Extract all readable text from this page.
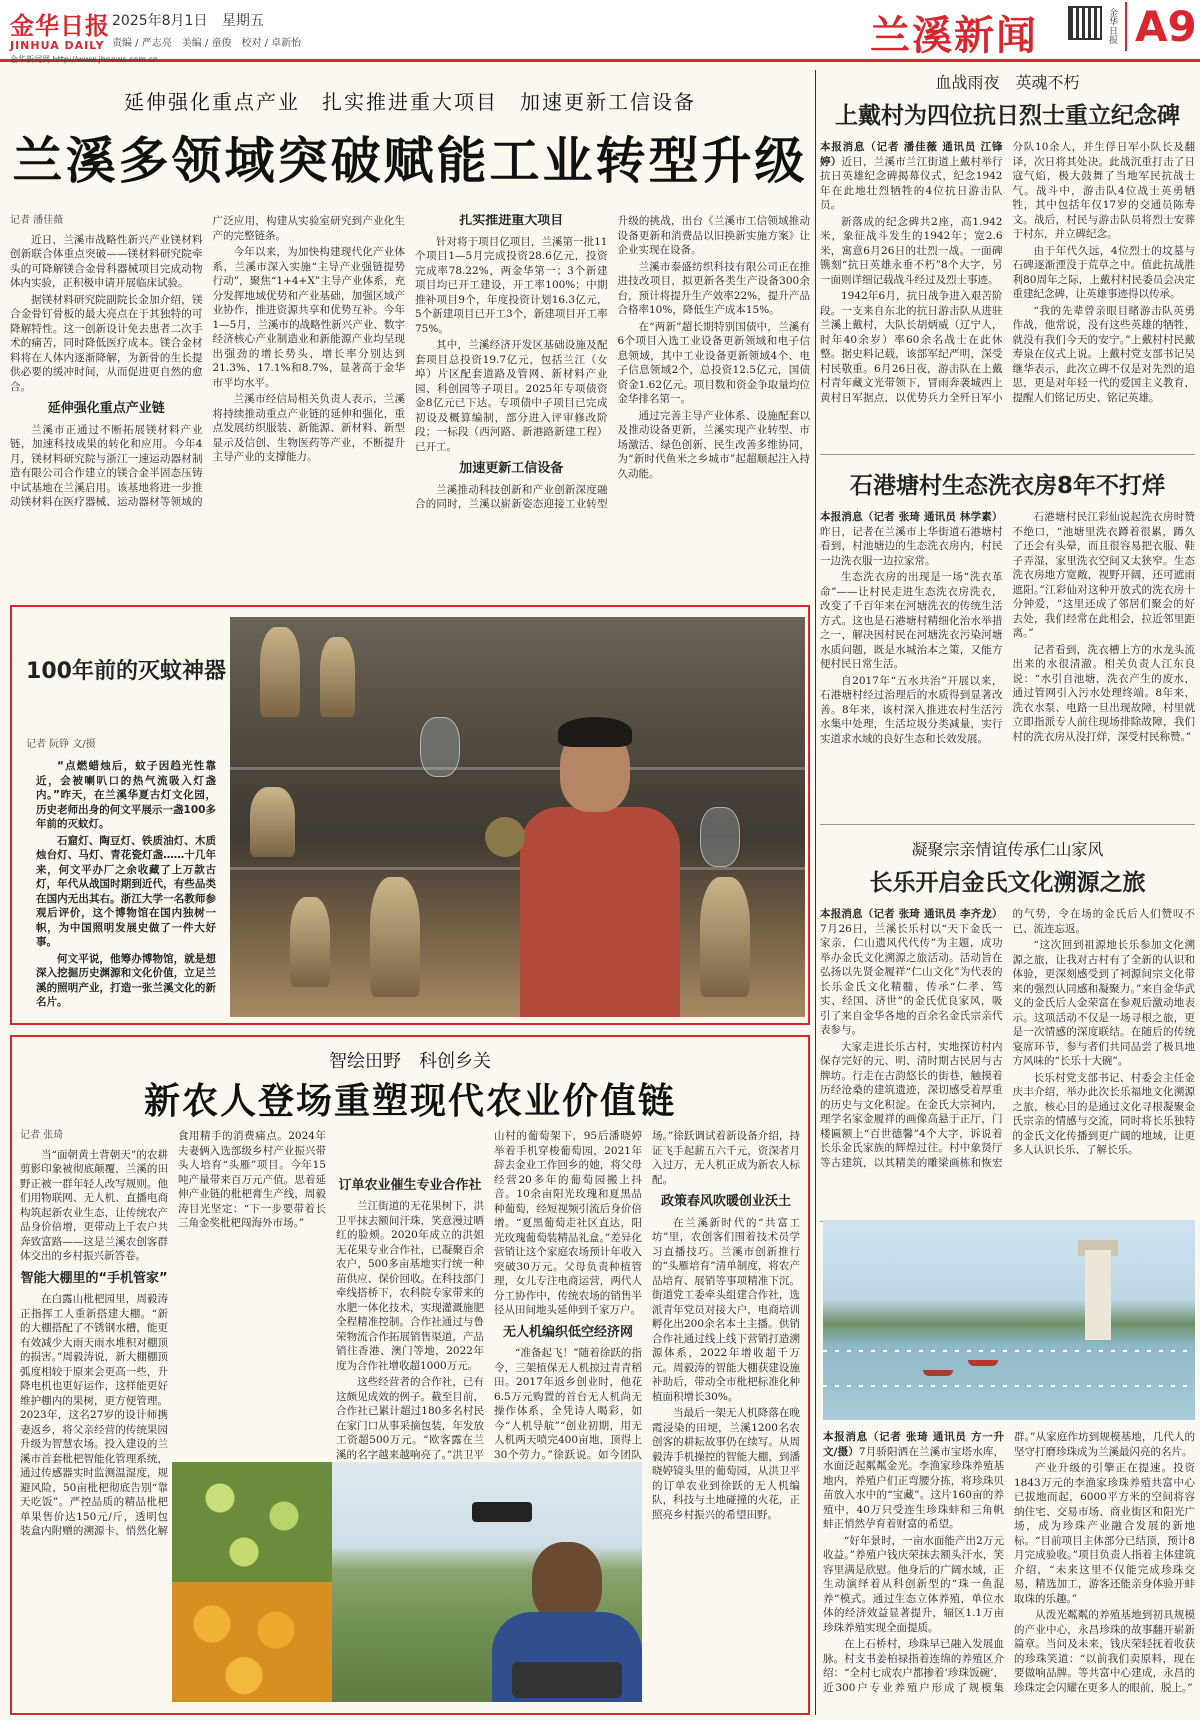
金华日报
JINHUA DAILY
2025年8月1日 星期五
责编 / 严志亮　美编 / 童俊　校对 / 卓新怡
金华新闻网 http://www.jhnews.com.cn
兰溪新闻	金华日报 A9
延伸强化重点产业　扎实推进重大项目　加速更新工信设备
兰溪多领域突破赋能工业转型升级
记者 潘佳薇

近日，兰溪市战略性新兴产业镁材料创新联合体重点突破——镁材料研究院牵头的可降解镁合金骨科器械项目完成动物体内实验，正积极申请开展临床试验。

据镁材料研究院副院长金加介绍，镁合金骨钉骨板的最大亮点在于其独特的可降解特性。这一创新设计免去患者二次手术的痛苦，同时降低医疗成本。镁合金材料将在人体内逐渐降解，为新骨的生长提供必要的缓冲时间，从而促进更自然的愈合。

延伸强化重点产业链

兰溪市正通过不断拓展镁材料产业链，加速科技成果的转化和应用。今年4月，镁材料研究院与浙江一速运动器材制造有限公司合作建立的镁合金半固态压铸中试基地在兰溪启用。该基地将进一步推动镁材料在医疗器械、运动器材等领域的广泛应用，构建从实验室研究到产业化生产的完整链条。

今年以来，为加快构建现代化产业体系，兰溪市深入实施“主导产业强链提势行动”，聚焦“1+4+X”主导产业体系，充分发挥地域优势和产业基础，加强区域产业协作，推进资源共享和优势互补。今年1—5月，兰溪市的战略性新兴产业、数字经济核心产业制造业和新能源产业均呈现出强劲的增长势头，增长率分别达到21.3%、17.1%和8.7%，显著高于金华市平均水平。

兰溪市经信局相关负责人表示，兰溪将持续推动重点产业链的延伸和强化，重点发展纺织服装、新能源、新材料、新型显示及信创、生物医药等产业，不断提升主导产业的支撑能力。

扎实推进重大项目

针对将于项目亿项目，兰溪第一批11个项目1—5月完成投资28.6亿元，投资完成率78.22%，两金华第一；3个新建项目均已开工建设，开工率100%；中期推补项目9个，年度投资计划16.3亿元，5个新建项目已开工3个，新建项目开工率75%。

其中，兰溪经济开发区基础设施及配套项目总投资19.7亿元，包括兰江（女埠）片区配套道路及管网、新材料产业园、科创园等子项目。2025年专项债资金8亿元已下达。专项债中子项目已完成初设及概算编制，部分进入评审修改阶段；一标段（西河路、新港路新建工程）已开工。

加速更新工信设备

兰溪推动科技创新和产业创新深度融合的同时，兰溪以崭新姿态迎接工业转型升级的挑战，出台《兰溪市工信领域推动设备更新和消费品以旧换新实施方案》让企业实现在设备。

兰溪市泰盛纺织科技有限公司正在推进技改项目，拟更新各类生产设备300余台，预计将提升生产效率22%，提升产品合格率10%，降低生产成本15%。

在“两新”超长期特别国债中，兰溪有6个项目入选工业设备更新领域和电子信息领域，其中工业设备更新领域4个、电子信息领域2个，总投资12.5亿元，国债资金1.62亿元。项目数和资金争取量均位金华排名第一。

通过完善主导产业体系、设施配套以及推动设备更新，兰溪实现产业转型、市场激活、绿色创新、民生改善多维协同，为“新时代鱼米之乡城市”起超顺起注入持久动能。

100年前的灭蚊神器
记者 阮铮 文/摄

“点燃蜡烛后，蚊子因趋光性靠近，会被喇叭口的热气流吸入灯盏内。”昨天，在兰溪华夏古灯文化园，历史老师出身的何文平展示一盏100多年前的灭蚊灯。

石窟灯、陶豆灯、铁质油灯、木质烛台灯、马灯、青花瓷灯盏……十几年来，何文平办厂之余收藏了上万款古灯，年代从战国时期到近代，有些品类在国内无出其右。浙江大学一名教师参观后评价，这个博物馆在国内独树一帜，为中国照明发展史做了一件大好事。

何文平说，他筹办博物馆，就是想深入挖掘历史渊源和文化价值，立足兰溪的照明产业，打造一张兰溪文化的新名片。

智绘田野　科创乡关
新农人登场重塑现代农业价值链
记者 张琦

当“面朝黄土背朝天”的农耕剪影印象被彻底颠覆，兰溪的田野正被一群年轻人改写规则。他们用物联网、无人机、直播电商构筑起新农业生态，让传统农产品身价倍增，更带动上千农户共奔致富路——这是兰溪农创客群体交出的乡村振兴新答卷。

智能大棚里的“手机管家”

在白露山枇杷园里，周毅涛正指挥工人重新搭建大棚。“新的大棚搭配了不锈钢水槽，能更有效减少大雨天雨水堆积对棚顶的损害。”周毅涛说，新大棚棚顶弧度相较于原来会更高一些，升降电机也更好运作，这样能更好维护棚内的果树，更方便管理。2023年，这名27岁的设计师携妻返乡，将父亲经营的传统果园升级为智慧农场。投入建设的兰溪市首套枇杷智能化管理系统，通过传感器实时监测温湿度，规避风险，50亩枇杷彻底告别“靠天吃饭”。严控品质的精品枇杷单果售价达150元/斤，透明包装盒内附赠的溯源卡，悄然化解食用精手的消费痛点。2024年夫妻俩入选部级乡村产业振兴带头人培育“头雁”项目。今年15吨产量带来百万元产值。思着延伸产业链的枇杷膏生产线，周毅涛目光坚定：“下一步要带着长三角金奖枇杷闯海外市场。”

订单农业催生专业合作社

兰江街道的无花果树下，洪卫平抹去额间汗珠，笑意漫过晒红的脸颊。2020年成立的洪姐无花果专业合作社，已凝聚百余农户，500多亩基地实行统一种苗供应、保价回收。在科技部门牵线搭桥下，农科院专家带来的水肥一体化技术，实现灌溉施肥全程精准控制。合作社通过与鲁荣物流合作拓展销售渠道，产品销往香港、澳门等地，2022年度为合作社增收超1000万元。

这些经营者的合作社，已有这颇见成效的例子。截至目前，合作社已累计超过180多名村民在家门口从事采摘包装，年发放工资超500万元。“欧客露在兰溪的名字越来越响亮了。”洪卫平

山村的葡萄架下，95后潘晓婷举着手机穿梭葡萄园，2021年辞去金业工作回乡的她，将父母经营20多年的葡萄园搬上抖音。10余亩阳光玫瑰和夏黑品种葡萄，经短视频引流后身价倍增。“夏黑葡萄走社区直达，阳光玫瑰葡萄装精品礼盒。”差异化营销让这个家庭农场预计年收入突破30万元。父母负责种植管理，女儿专注电商运营，两代人分工协作中，传统农场的销售半径从田间地头延伸到千家万户。

无人机编织低空经济网

“准备起飞！”随着徐跃的指令，三架植保无人机掠过青青稻田。2017年返乡创业时，他花6.5万元购置的首台无人机尚无操作体系，全凭诗人喝彩，如今“人机导航”“创业初期，用无人机两天喷完400亩地，顶得上30个劳力。”徐跃说。如今团队 场。”徐跃调试着新设备介绍，持证飞手起薪五六千元，资深者月入过万，无人机正成为新农人标配。

政策春风吹暖创业沃土

在兰溪新时代的“共富工坊”里，农创客们围着技术员学习直播技巧。兰溪市创新推行的“头雁培育”清单制度，将农产品培育、展销等事项精准下沉。街道党工委牵头组建合作社，选派青年党员对接大户，电商培训孵化出200余名本土主播。供销合作社通过线上线下营销打造溯源体系，2022年增收超千万元。周毅涛的智能大棚获建设施补助后，带动全市枇杷标准化种植面积增长30%。

当最后一架无人机降落在晚霞浸染的田埂，兰溪1200名农创客的耕耘故事仍在续写。从周毅涛手机操控的智能大棚，到潘晓婷镜头里的葡萄园，从洪卫平的订单农业到徐跃的无人机编队，科技与土地碰撞的火花，正照亮乡村振兴的希望田野。

血战雨夜　英魂不朽
上戴村为四位抗日烈士重立纪念碑

本报消息（记者 潘佳薇 通讯员 江锋婷）近日，兰溪市兰江街道上戴村举行抗日英雄纪念碑揭幕仪式，纪念1942年在此地壮烈牺牲的4位抗日游击队员。

新落成的纪念碑共2座，高1.942米，象征战斗发生的1942年；宽2.6米，寓意6月26日的壮烈一战。一面碑镌刻“抗日英雄永垂不朽”8个大字，另一面则详细记载战斗经过及烈士事迹。

1942年6月，抗日战争进入艰苦阶段。一支来自东北的抗日游击队从进驻兰溪上戴村，大队长胡炳威（辽宁人，时年40余岁）率60余名战士在此休整。据史料记载，该部军纪严明，深受村民敬重。6月26日夜，游击队在上戴村青年藏文光带领下，冒雨奔袭城西上黄村日军据点，以优势兵力全歼日军小分队10余人，并生俘日军小队长及翻译，次日将其处决。此战沉重打击了日寇气焰，极大鼓舞了当地军民抗战士气。战斗中，游击队4位战士英勇牺牲，其中包括年仅17岁的交通员陈寿文。战后，村民与游击队员将烈士安葬于村东，并立碑纪念。

由于年代久远，4位烈士的坟墓与石碑逐渐湮没于荒草之中。值此抗战胜利80周年之际，上戴村村民委员会决定重建纪念碑，让英雄事迹得以传承。

“我的先辈曾亲眼目睹游击队英勇作战，他常说，没有这些英雄的牺牲，就没有我们今天的安宁。”上戴村村民戴寿泉在仪式上说。上戴村党支部书记吴继华表示，此次立碑不仅是对先烈的追思，更是对年轻一代的爱国主义教育，提醒人们铭记历史、铭记英雄。

石港塘村生态洗衣房8年不打烊

本报消息（记者 张琦 通讯员 林学素）昨日，记者在兰溪市上华街道石港塘村看到，村池塘边的生态洗衣房内，村民一边洗衣服一边拉家常。

生态洗衣房的出现是一场“洗衣革命”——让村民走进生态洗衣房洗衣，改变了千百年来在河塘洗衣的传统生活方式。这也是石港塘村精细化治水举措之一，解决因村民在河塘洗衣污染河塘水质问题，既是水城治本之策，又能方便村民日常生活。

自2017年“五水共治”开展以来，石港塘村经过治理后的水质得到显著改善。8年来，该村深入推进农村生活污水集中处理，生活垃圾分类减量，实行实道求水域的良好生态和长效发展。

石港塘村民江彩仙说起洗衣房时赞不绝口，“池塘里洗衣蹲着很累，蹲久了还会有头晕，而且很容易把衣服、鞋子弄湿，家里洗衣空间又太狭窄。生态洗衣房地方宽敞，视野开阔，还可遮雨遮阳。”江彩仙对这种开放式的洗衣房十分钟爱，“这里还成了邻居们聚会的好去处，我们经常在此相会，拉近邻里距离。”

记者看到，洗衣槽上方的水龙头流出来的水很清澈。相关负责人江东良说：“水引自池塘，洗衣产生的废水，通过管网引入污水处理终端。8年来，洗衣水泵、电路一旦出现故障，村里就立即指派专人前往现场排除故障，我们村的洗衣房从没打烊，深受村民称赞。”

凝聚宗亲情谊传承仁山家风
长乐开启金氏文化溯源之旅

本报消息（记者 张琦 通讯员 李齐龙）7月26日，兰溪长乐村以“天下金氏一家亲，仁山遗风代代传”为主题，成功举办金氏文化溯源之旅活动。活动旨在弘扬以先贤金履祥“仁山文化”为代表的长乐金氏文化精髓，传承“仁孝、笃实、经国、济世”的金氏优良家风，吸引了来自金华各地的百余名金氏宗亲代表参与。

大家走进长乐古村，实地探访村内保存完好的元、明、清时期古民居与古牌坊。行走在古韵悠长的街巷，触摸着历经沧桑的建筑遗迹，深切感受着厚重的历史与文化积淀。在金氏大宗祠内，理学名家金履祥的画像高悬于正厅，门楼匾额上“百世德馨”4个大字，诉说着长乐金氏家族的辉煌过往。村中象贤厅等古建筑，以其精美的雕梁画栋和恢宏的气势，令在场的金氏后人们赞叹不已、流连忘返。

“这次回到祖源地长乐参加文化溯源之旅，让我对古村有了全新的认识和体验，更深刻感受到了祠源间宗文化带来的强烈认同感和凝聚力。”来自金华武义的金氏后人金荣富在参观后激动地表示。这项活动不仅是一场寻根之旅，更是一次情感的深度联结。在随后的传统宴席环节，参与者们共同品尝了极具地方风味的“长乐十大碗”。

长乐村党支部书记、村委会主任金庆丰介绍，举办此次长乐福地文化溯源之旅，核心目的是通过文化寻根凝聚金氏宗亲的情感与交流，同时将长乐独特的金氏文化传播到更广阔的地域，让更多人认识长乐、了解长乐。

本报消息（记者 张琦 通讯员 方一升 文/摄）7月骄阳洒在兰溪市宝塔水库，水面泛起粼粼金光。李渔家珍珠养殖基地内，养殖户们正弯腰分拣，将珍珠贝苗放入水中的“宝藏”。这片160亩的养殖中，40万只受连生珍珠蚌和三角帆蚌正悄然孕育着财富的希望。

“好年景时，一亩水面能产出2万元收益。”养殖户钱庆荣抹去额头汗水，笑容里满是欣慰。他身后的广阔水域，正生动演绎着从科创新型的“珠一鱼混养”模式。通过生态立体养殖，单位水体的经济效益显著提升，辐区1.1万亩珍珠养殖实现全面提质。

在上石桥村，珍珠早已融入发展血脉。村支书姜柏禄指着连绵的养殖区介绍：“全村七成农户都掺着‘珍珠饭碗’，近300户专业养殖户形成了规模集群。”从家庭作坊到规模基地，几代人的坚守打磨珍珠成为兰溪最闪亮的名片。

产业升级的引擎正在提速。投资1843万元的李渔家珍珠养殖共富中心已拔地而起，6000平方米的空间将容纳住宅、交易市场、商业街区和阳光广场，成为珍珠产业融合发展的新地标。“目前项目主体部分已结顶，预计8月完成验收。”项目负责人指着主体建筑介绍，“未来这里不仅能完成珍珠交易，精选加工，游客还能亲身体验开蚌取珠的乐趣。”

从泼光粼粼的养殖基地到初具规模的产业中心，永昌珍珠的故事翻开崭新篇章。当问及未来，钱庆荣轻抚着收获的珍珠笑道：“以前我们卖原料，现在要做响品牌。等共富中心建成，永昌的珍珠定会闪耀在更多人的眼前，脱上。”
